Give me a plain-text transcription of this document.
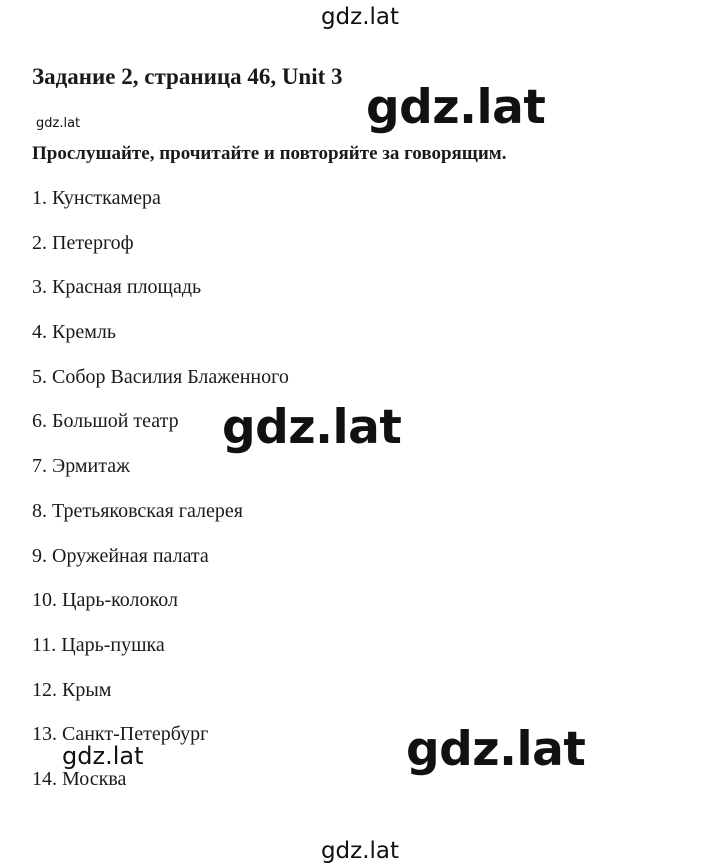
gdz.lat
Задание 2, страница 46, Unit 3
gdz.lat
Прослушайте, прочитайте и повторяйте за говорящим.
1. Кунсткамера
2. Петергоф
3. Красная площадь
4. Кремль
5. Собор Василия Блаженного
6. Большой театр
7. Эрмитаж
8. Третьяковская галерея
9. Оружейная палата
10. Царь-колокол
11. Царь-пушка
12. Крым
13. Санкт-Петербург
14. Москва
gdz.lat
gdz.lat
gdz.lat
gdz.lat
gdz.lat
